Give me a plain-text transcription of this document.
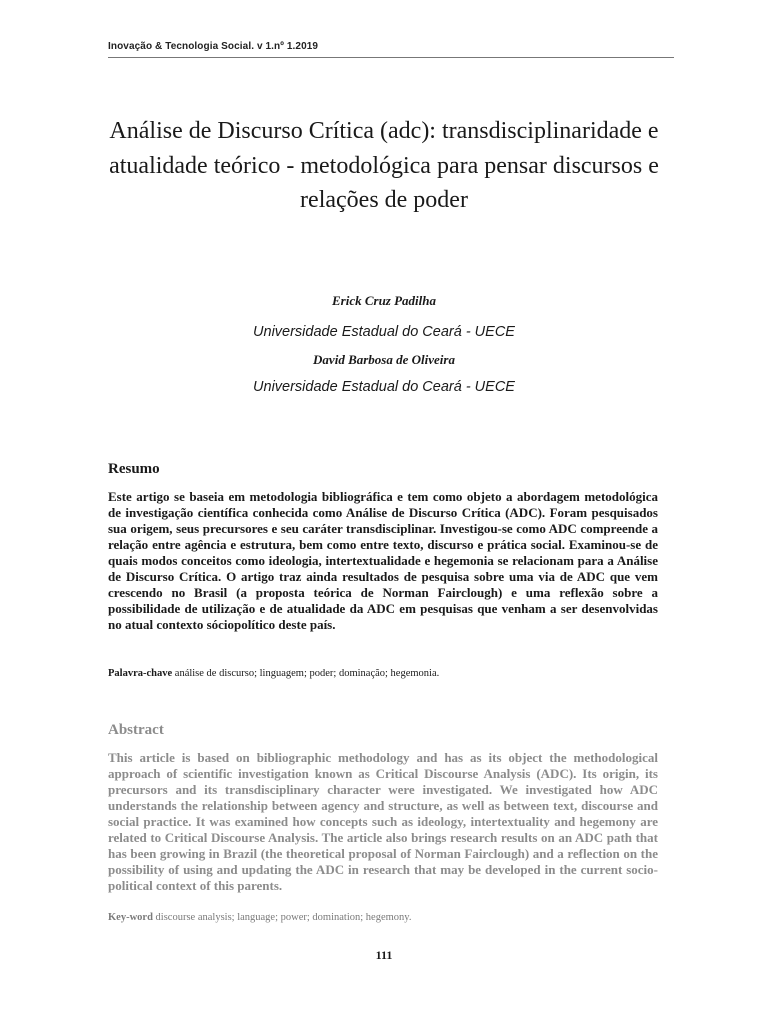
Inovação & Tecnologia Social. v 1.nº 1.2019
Análise de Discurso Crítica (adc): transdisciplinaridade e atualidade teórico - metodológica para pensar discursos e relações de poder
Erick Cruz Padilha
Universidade Estadual do Ceará - UECE
David Barbosa de Oliveira
Universidade Estadual do Ceará - UECE
Resumo

Este artigo se baseia em metodologia bibliográfica e tem como objeto a abordagem metodológica de investigação científica conhecida como Análise de Discurso Crítica (ADC). Foram pesquisados sua origem, seus precursores e seu caráter transdisciplinar. Investigou-se como ADC compreende a relação entre agência e estrutura, bem como entre texto, discurso e prática social. Examinou-se de quais modos conceitos como ideologia, intertextualidade e hegemonia se relacionam para a Análise de Discurso Crítica. O artigo traz ainda resultados de pesquisa sobre uma via de ADC que vem crescendo no Brasil (a proposta teórica de Norman Fairclough) e uma reflexão sobre a possibilidade de utilização e de atualidade da ADC em pesquisas que venham a ser desenvolvidas no atual contexto sóciopolítico deste país.

Palavra-chave análise de discurso; linguagem; poder; dominação; hegemonia.

Abstract

This article is based on bibliographic methodology and has as its object the methodological approach of scientific investigation known as Critical Discourse Analysis (ADC). Its origin, its precursors and its transdisciplinary character were investigated. We investigated how ADC understands the relationship between agency and structure, as well as between text, discourse and social practice. It was examined how concepts such as ideology, intertextuality and hegemony are related to Critical Discourse Analysis. The article also brings research results on an ADC path that has been growing in Brazil (the theoretical proposal of Norman Fairclough) and a reflection on the possibility of using and updating the ADC in research that may be developed in the current socio-political context of this parents.

Key-word discourse analysis; language; power; domination; hegemony.

111
